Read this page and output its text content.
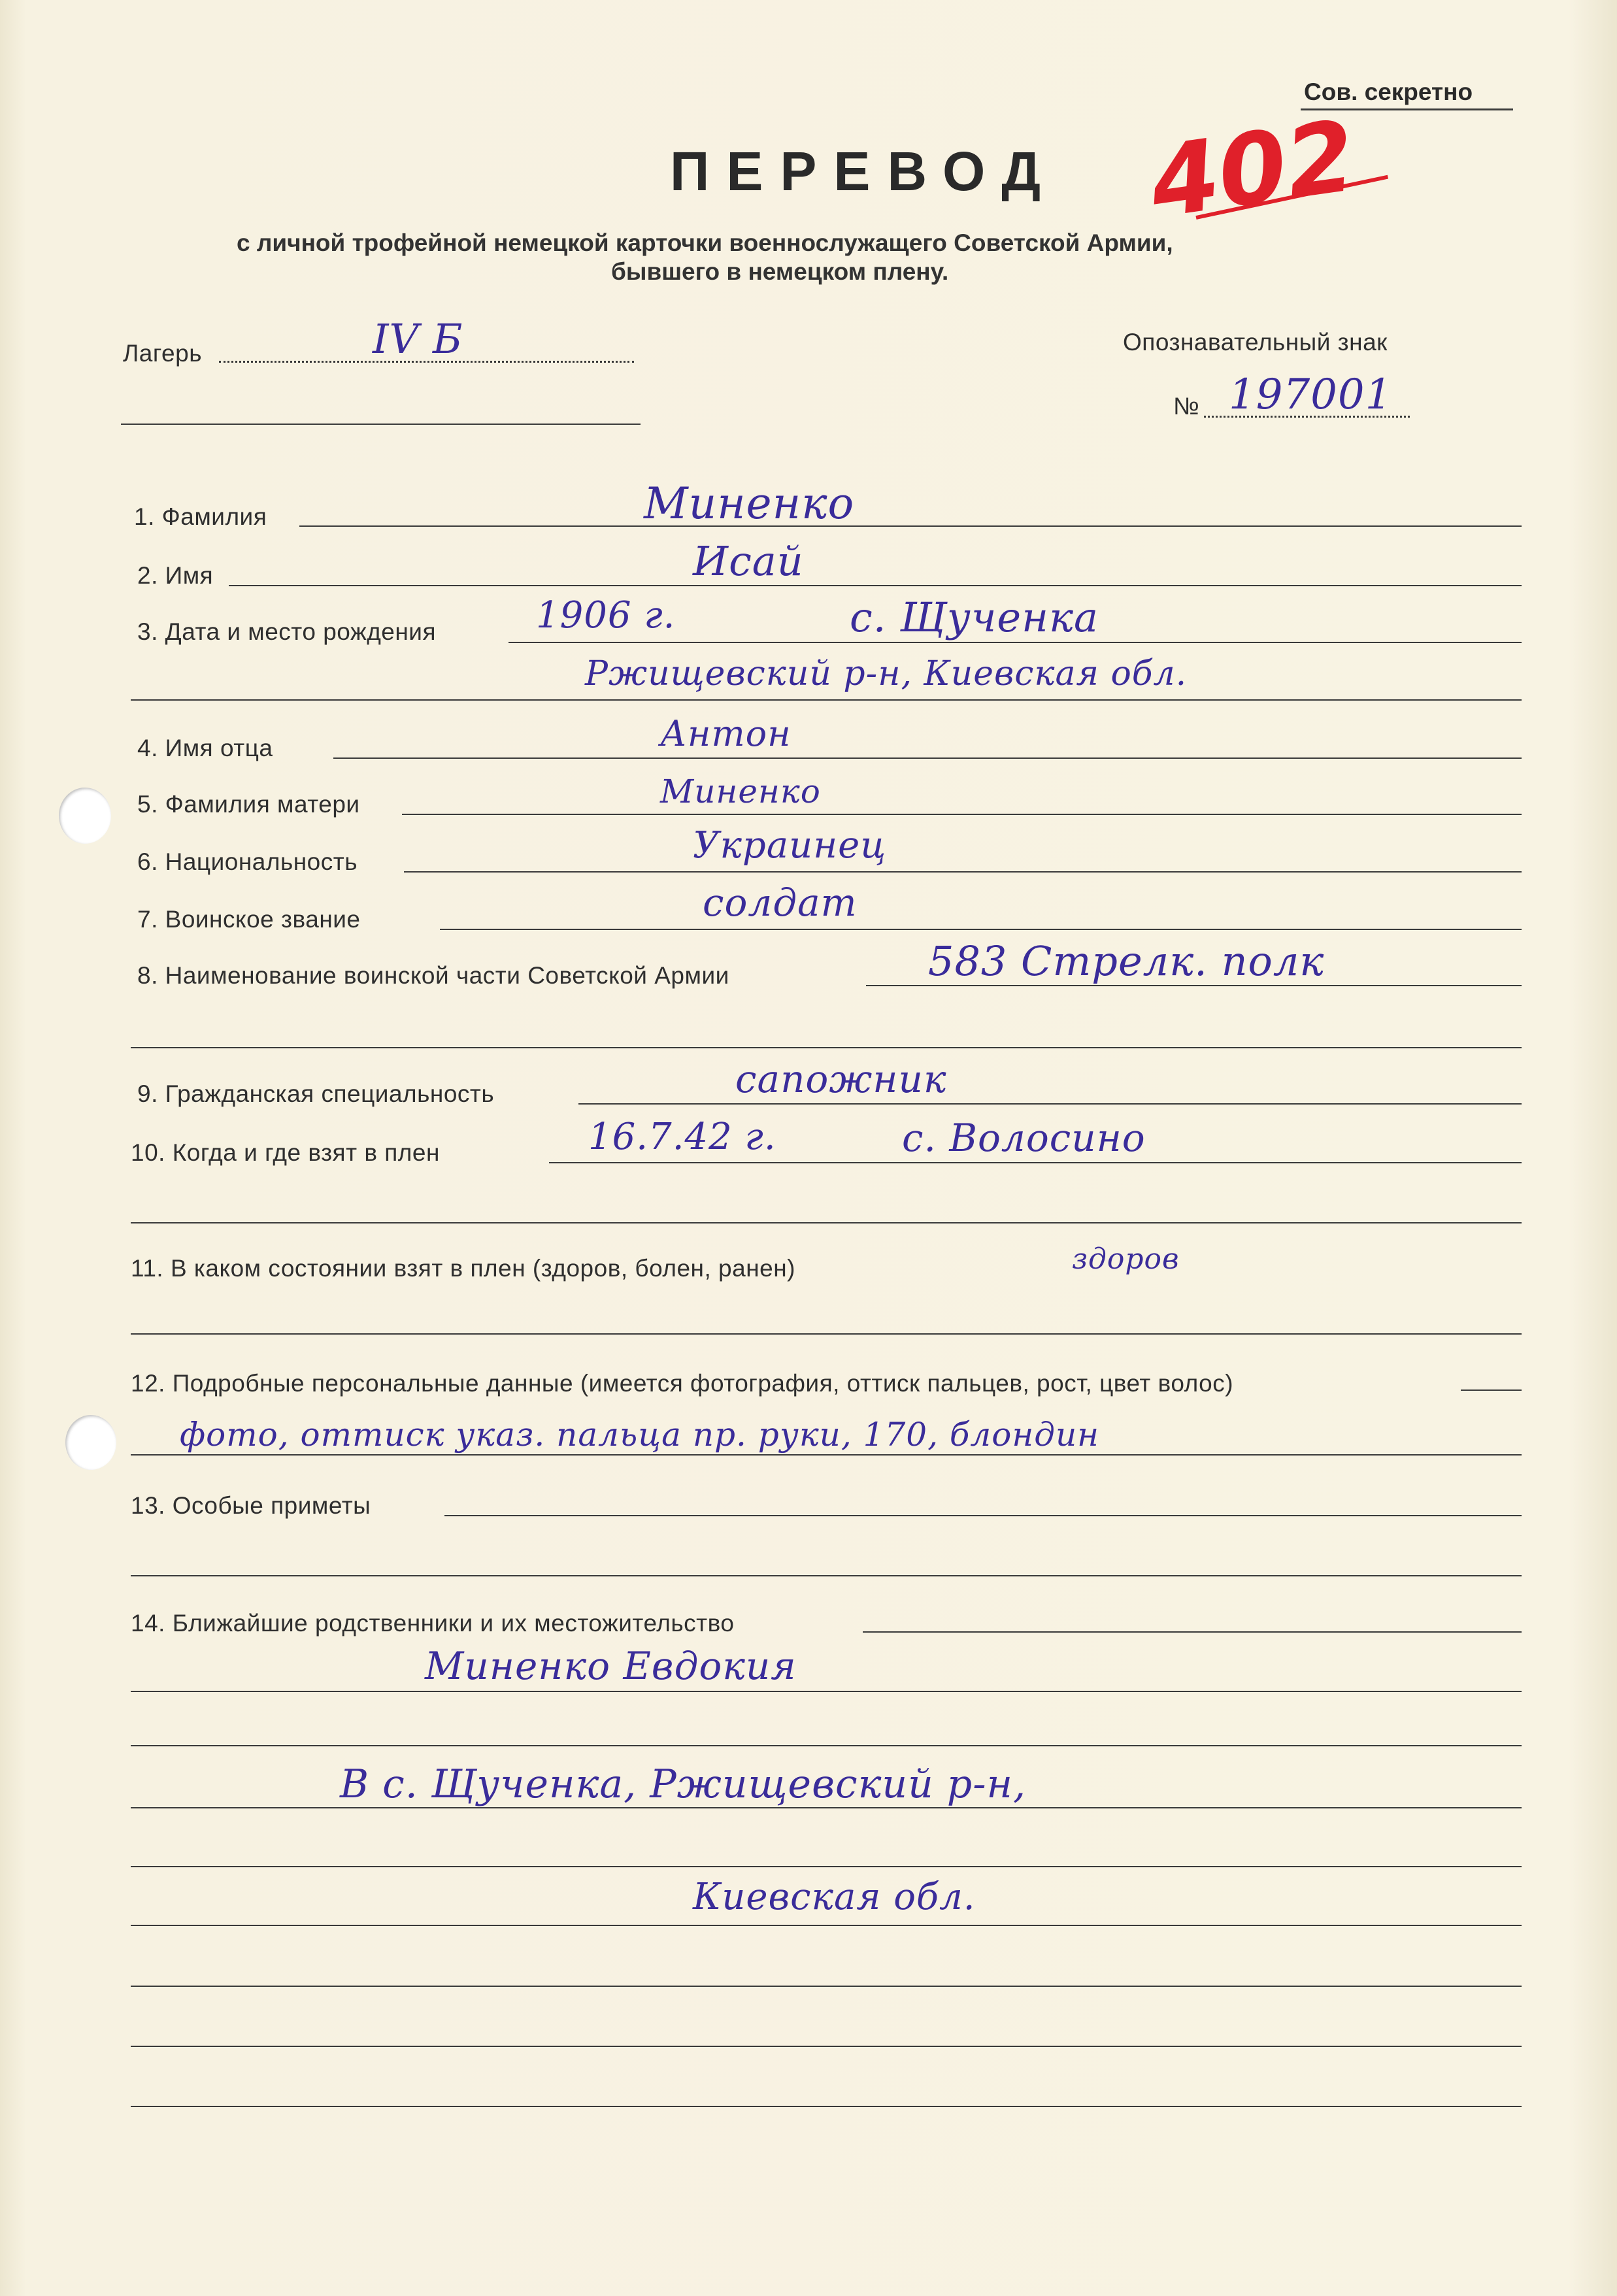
Сов. секретно
402
ПЕРЕВОД
с личной трофейной немецкой карточки военнослужащего Советской Армии,
бывшего в немецком плену.
Лагерь	IV Б	Опознавательный знак
№ 197001
1. Фамилия	Миненко
2. Имя	Исай
3. Дата и место рождения	1906 г.	с. Щученка
Ржищевский р-н, Киевская обл.
4. Имя отца	Антон
5. Фамилия матери	Миненко
6. Национальность	Украинец
7. Воинское звание	солдат
8. Наименование воинской части Советской Армии	583 Стрелк. полк
9. Гражданская специальность	сапожник
10. Когда и где взят в плен	16.7.42 г.	с. Волосино
11. В каком состоянии взят в плен (здоров, болен, ранен)	здоров
12. Подробные персональные данные (имеется фотография, оттиск пальцев, рост, цвет волос)
фото, оттиск указ. пальца пр. руки, 170, блондин
13. Особые приметы
14. Ближайшие родственники и их местожительство
Миненко Евдокия
В с. Щученка, Ржищевский р-н,
Киевская обл.
